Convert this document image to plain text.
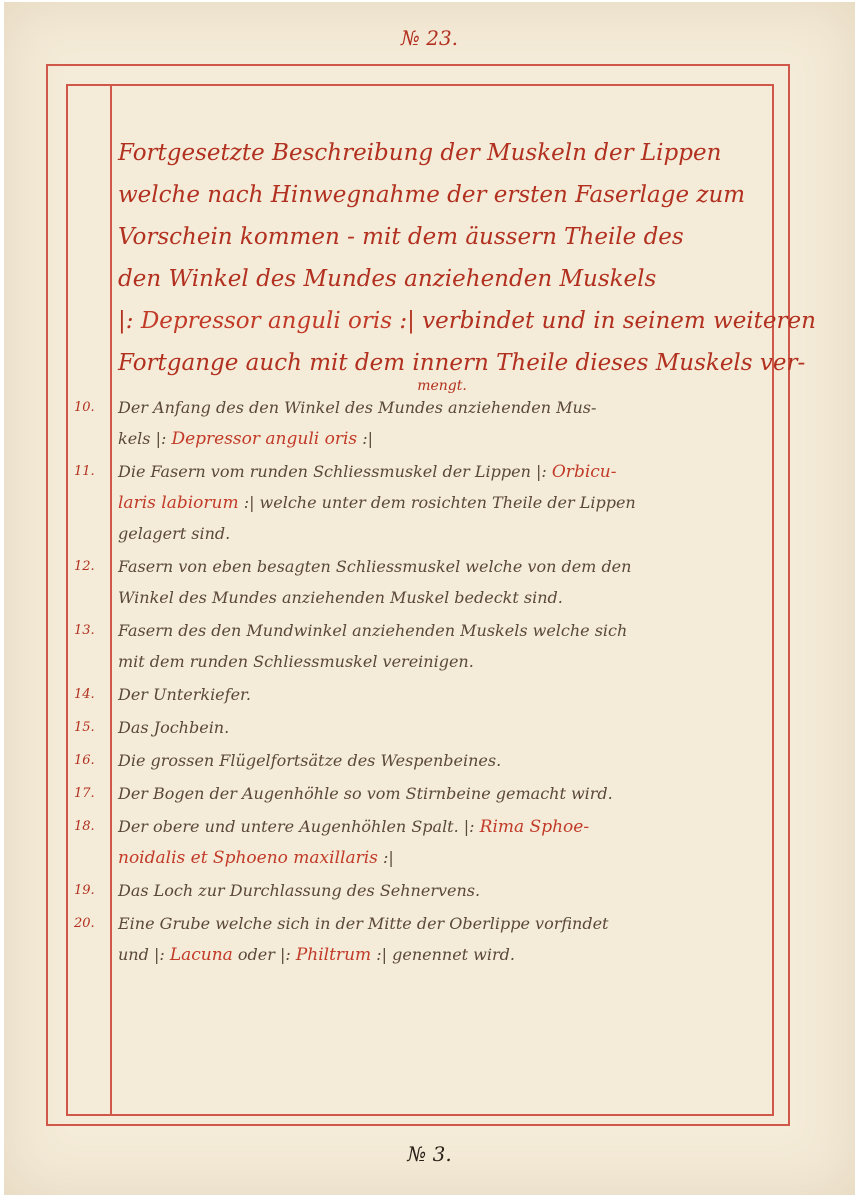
№ 23.
Fortgesetzte Beschreibung der Muskeln der Lippen
welche nach Hinwegnahme der ersten Faserlage zum
Vorschein kommen - mit dem äussern Theile des
den Winkel des Mundes anziehenden Muskels
|: Depressor anguli oris :| verbindet und in seinem weiteren
Fortgange auch mit dem innern Theile dieses Muskels ver-
mengt.
10.	Der Anfang des den Winkel des Mundes anziehenden Mus-
kels |: Depressor anguli oris :|
11.	Die Fasern vom runden Schliessmuskel der Lippen |: Orbicu-
laris labiorum :| welche unter dem rosichten Theile der Lippen
gelagert sind.
12.	Fasern von eben besagten Schliessmuskel welche von dem den
Winkel des Mundes anziehenden Muskel bedeckt sind.
13.	Fasern des den Mundwinkel anziehenden Muskels welche sich
mit dem runden Schliessmuskel vereinigen.
14.	Der Unterkiefer.
15.	Das Jochbein.
16.	Die grossen Flügelfortsätze des Wespenbeines.
17.	Der Bogen der Augenhöhle so vom Stirnbeine gemacht wird.
18.	Der obere und untere Augenhöhlen Spalt. |: Rima Sphoe-
noidalis et Sphoeno maxillaris :|
19.	Das Loch zur Durchlassung des Sehnervens.
20.	Eine Grube welche sich in der Mitte der Oberlippe vorfindet
und |: Lacuna oder |: Philtrum :| genennet wird.
№ 3.
